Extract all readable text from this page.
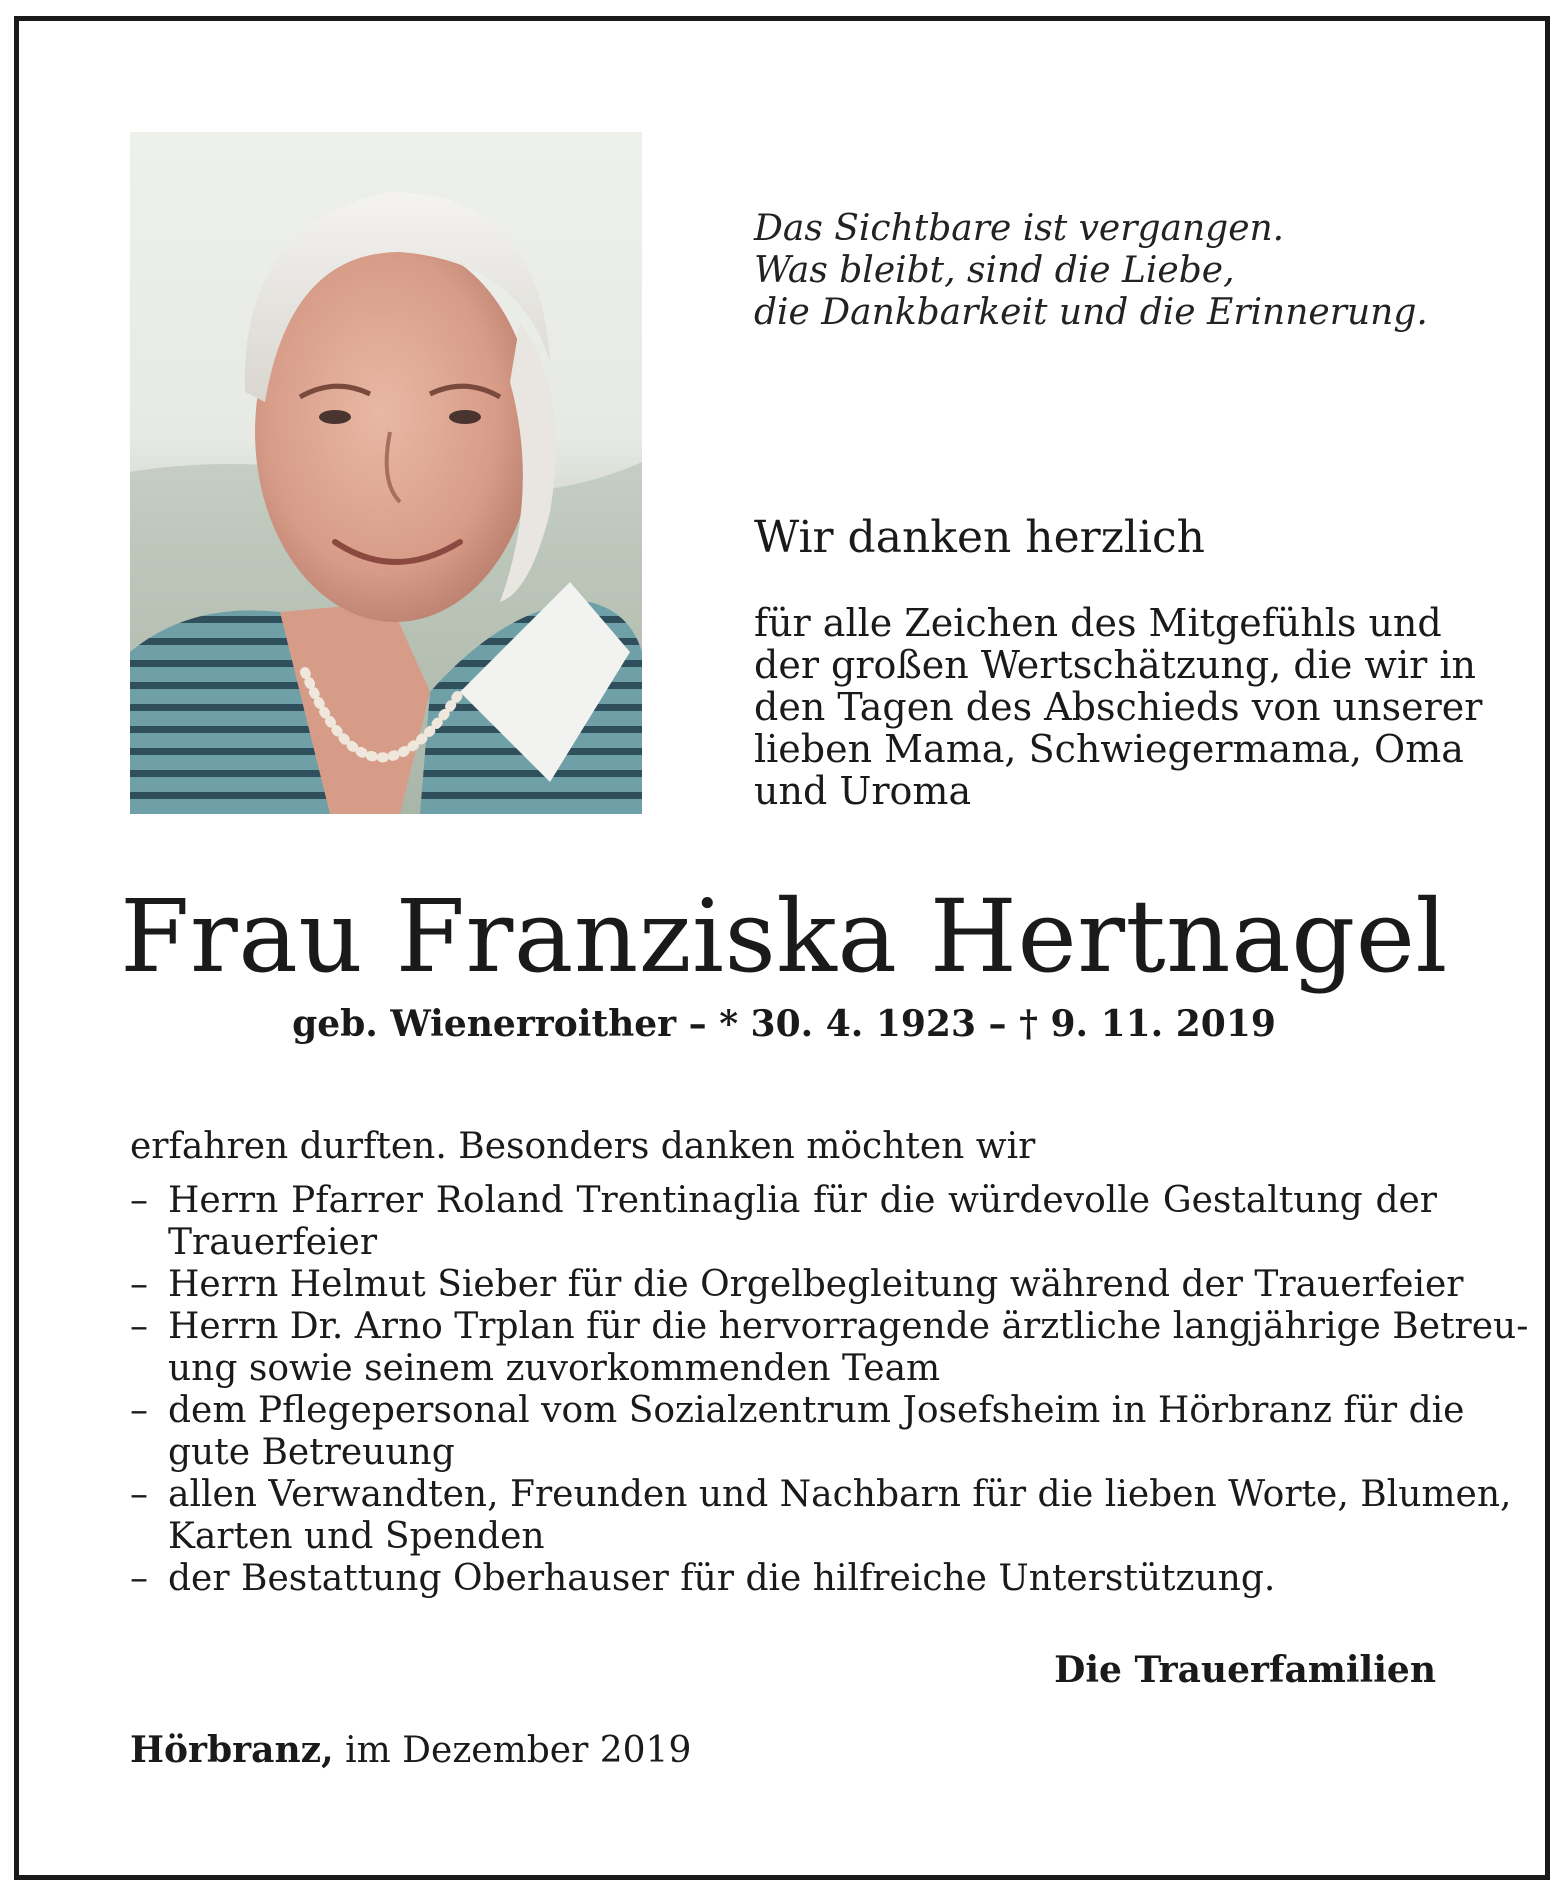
Das Sichtbare ist vergangen.
Was bleibt, sind die Liebe,
die Dankbarkeit und die Erinnerung.
Wir danken herzlich
für alle Zeichen des Mitgefühls und
der großen Wertschätzung, die wir in
den Tagen des Abschieds von unserer
lieben Mama, Schwiegermama, Oma
und Uroma
Frau Franziska Hertnagel
geb. Wienerroither – * 30. 4. 1923 – † 9. 11. 2019
erfahren durften. Besonders danken möchten wir
– Herrn Pfarrer Roland Trentinaglia für die würdevolle Gestaltung der
Trauerfeier
– Herrn Helmut Sieber für die Orgelbegleitung während der Trauerfeier
– Herrn Dr. Arno Trplan für die hervorragende ärztliche langjährige Betreu-
ung sowie seinem zuvorkommenden Team
– dem Pflegepersonal vom Sozialzentrum Josefsheim in Hörbranz für die
gute Betreuung
– allen Verwandten, Freunden und Nachbarn für die lieben Worte, Blumen,
Karten und Spenden
– der Bestattung Oberhauser für die hilfreiche Unterstützung.
Die Trauerfamilien
Hörbranz, im Dezember 2019
